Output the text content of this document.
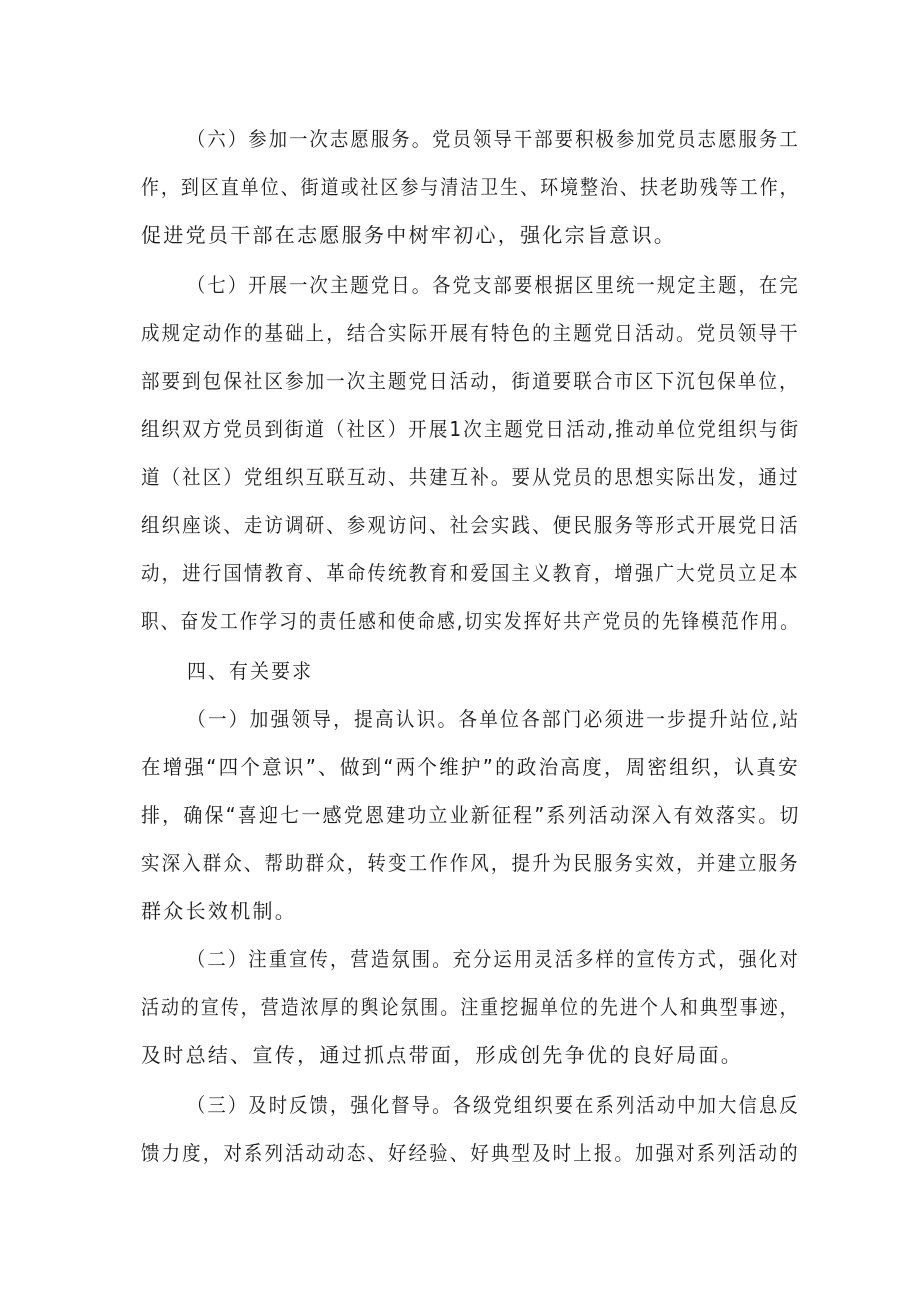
（六）参加一次志愿服务。党员领导干部要积极参加党员志愿服务工
作，到区直单位、街道或社区参与清洁卫生、环境整治、扶老助残等工作，
促进党员干部在志愿服务中树牢初心，强化宗旨意识。
（七）开展一次主题党日。各党支部要根据区里统一规定主题，在完
成规定动作的基础上，结合实际开展有特色的主题党日活动。党员领导干
部要到包保社区参加一次主题党日活动，街道要联合市区下沉包保单位，
组织双方党员到街道（社区）开展1次主题党日活动,推动单位党组织与街
道（社区）党组织互联互动、共建互补。要从党员的思想实际出发，通过
组织座谈、走访调研、参观访问、社会实践、便民服务等形式开展党日活
动，进行国情教育、革命传统教育和爱国主义教育，增强广大党员立足本
职、奋发工作学习的责任感和使命感,切实发挥好共产党员的先锋模范作用。
四、有关要求
（一）加强领导，提高认识。各单位各部门必须进一步提升站位,站
在增强“四个意识”、做到“两个维护”的政治高度，周密组织，认真安
排，确保“喜迎七一感党恩建功立业新征程”系列活动深入有效落实。切
实深入群众、帮助群众，转变工作作风，提升为民服务实效，并建立服务
群众长效机制。
（二）注重宣传，营造氛围。充分运用灵活多样的宣传方式，强化对
活动的宣传，营造浓厚的舆论氛围。注重挖掘单位的先进个人和典型事迹，
及时总结、宣传，通过抓点带面，形成创先争优的良好局面。
（三）及时反馈，强化督导。各级党组织要在系列活动中加大信息反
馈力度，对系列活动动态、好经验、好典型及时上报。加强对系列活动的
